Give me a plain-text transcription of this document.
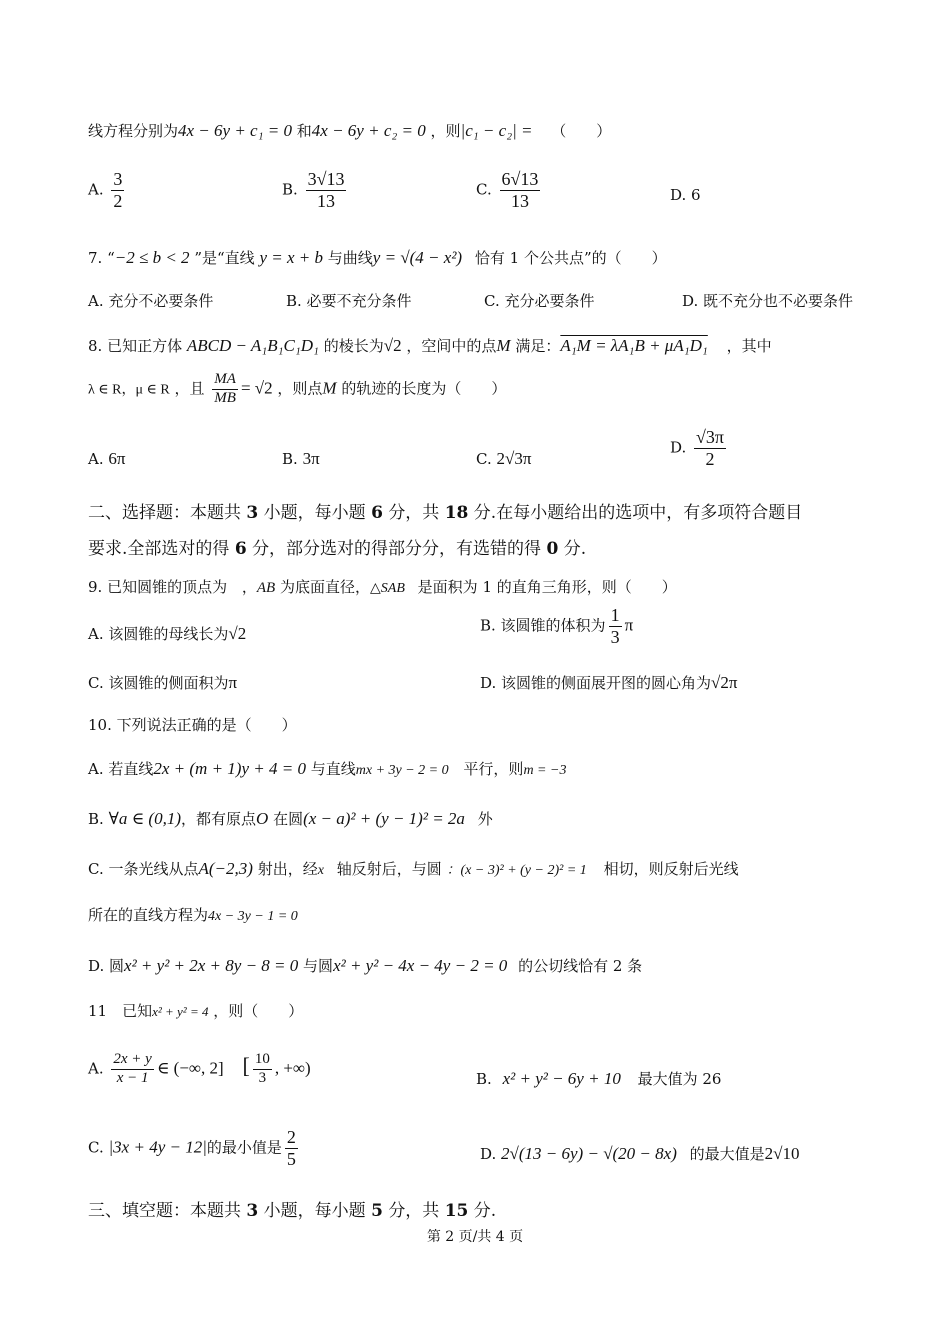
线方程分别为4x − 6y + c₁ = 0 和4x − 6y + c₂ = 0 ，则|c₁ − c₂| = （　　）
A. $\frac{3}{2}$	B. $\frac{3√13}{13}$	C. $\frac{6√13}{13}$	D. 6
7. “−2 ≤ b < 2 ”是“直线 y = x + b 与曲线y = √(4 − x²) 恰有 1 个公共点”的（　　）
A. 充分不必要条件	B. 必要不充分条件	C. 充分必要条件	D. 既不充分也不必要条件
8. 已知正方体 ABCD − A₁B₁C₁D₁ 的棱长为√2 ，空间中的点M 满足：A₁M = λA₁B + μA₁D₁ ，其中
λ ∈ R，μ ∈ R ，且 $\frac{MA}{MB} = √2$ ，则点M 的轨迹的长度为（　　）
A. 6π	B. 3π	C. 2√3π
D. $\frac{√3\pi}{2}$
二、选择题：本题共 3 小题，每小题 6 分，共 18 分.在每小题给出的选项中，有多项符合题目
要求.全部选对的得 6 分，部分选对的得部分分，有选错的得 0 分.
9. 已知圆锥的顶点为 ，AB 为底面直径，△SAB 是面积为 1 的直角三角形，则（　　）
A. 该圆锥的母线长为√2	B. 该圆锥的体积为 $\frac{1}{3}$ π
C. 该圆锥的侧面积为π	D. 该圆锥的侧面展开图的圆心角为√2π
10. 下列说法正确的是（　　）
A. 若直线2x + (m + 1)y + 4 = 0 与直线mx + 3y − 2 = 0 平行，则m = −3
B. ∀a ∈ (0,1)，都有原点O 在圆(x − a)² + (y − 1)² = 2a 外
C. 一条光线从点A(−2,3) 射出，经x 轴反射后，与圆 ：(x − 3)² + (y − 2)² = 1 相切，则反射后光线
所在的直线方程为4x − 3y − 1 = 0
D. 圆x² + y² + 2x + 8y − 8 = 0 与圆x² + y² − 4x − 4y − 2 = 0 的公切线恰有 2 条
11　已知x² + y² = 4 ，则（　　）
A. $\frac{2x + y}{x - 1}$ ∈ (−∞, 2] [ $\frac{10}{3}$ , +∞)
B. x² + y² − 6y + 10 最大值为 26
C. |3x + 4y − 12|的最小值是 $\frac{2}{5}$	D. 2√(13 − 6y) − √(20 − 8x) 的最大值是2√10
三、填空题：本题共 3 小题，每小题 5 分，共 15 分.
第 2 页/共 4 页
